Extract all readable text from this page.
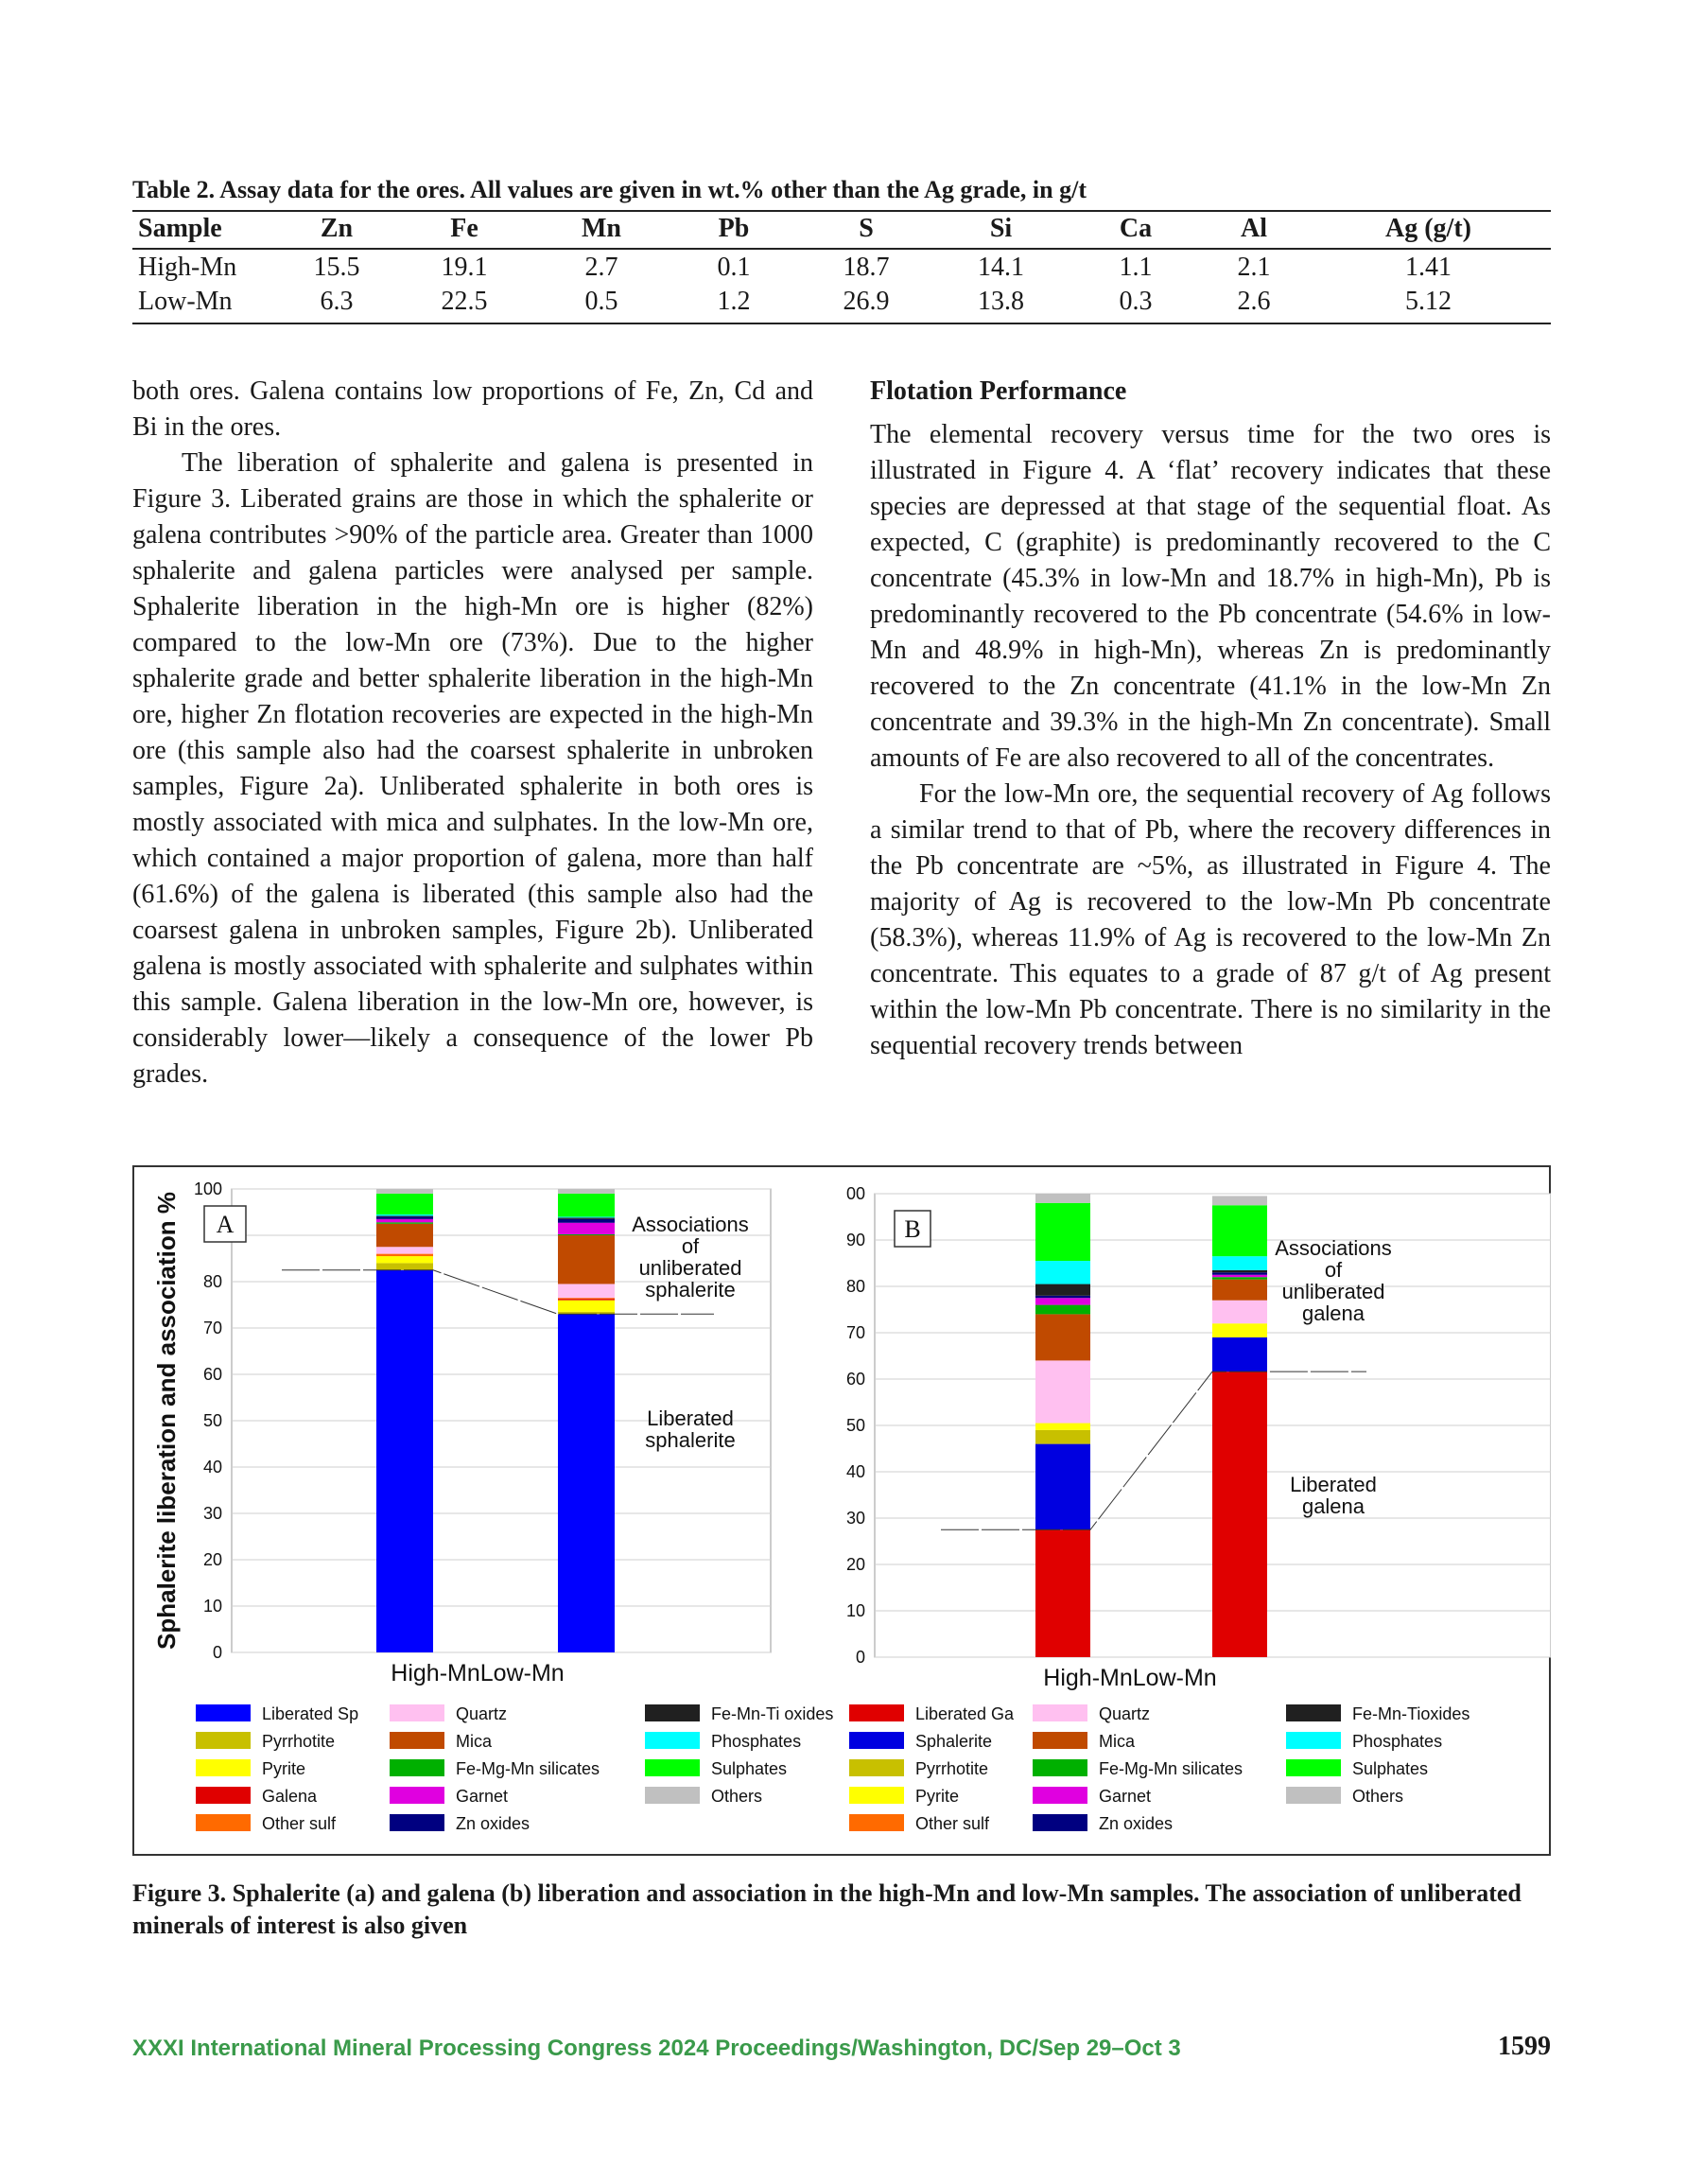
Table 2. Assay data for the ores. All values are given in wt.% other than the Ag grade, in g/t
Sample	Zn	Fe	Mn	Pb	S	Si	Ca	Al	Ag (g/t)
High-Mn	15.5	19.1	2.7	0.1	18.7	14.1	1.1	2.1	1.41
Low-Mn	6.3	22.5	0.5	1.2	26.9	13.8	0.3	2.6	5.12

both ores. Galena contains low proportions of Fe, Zn, Cd and Bi in the ores.

The liberation of sphalerite and galena is presented in Figure 3. Liberated grains are those in which the sphalerite or galena contributes >90% of the particle area. Greater than 1000 sphalerite and galena particles were analysed per sample. Sphalerite liberation in the high-Mn ore is higher (82%) compared to the low-Mn ore (73%). Due to the higher sphalerite grade and better sphalerite liberation in the high-Mn ore, higher Zn flotation recoveries are expected in the high-Mn ore (this sample also had the coarsest sphalerite in unbroken samples, Figure 2a). Unliberated sphalerite in both ores is mostly associated with mica and sulphates. In the low-Mn ore, which contained a major proportion of galena, more than half (61.6%) of the galena is liberated (this sample also had the coarsest galena in unbroken samples, Figure 2b). Unliberated galena is mostly associated with sphalerite and sulphates within this sample. Galena liberation in the low-Mn ore, however, is considerably lower—likely a consequence of the lower Pb grades.

Flotation Performance

The elemental recovery versus time for the two ores is illustrated in Figure 4. A ‘flat’ recovery indicates that these species are depressed at that stage of the sequential float. As expected, C (graphite) is predominantly recovered to the C concentrate (45.3% in low-Mn and 18.7% in high-Mn), Pb is predominantly recovered to the Pb concentrate (54.6% in low-Mn and 48.9% in high-Mn), whereas Zn is predominantly recovered to the Zn concentrate (41.1% in the low-Mn Zn concentrate and 39.3% in the high-Mn Zn concentrate). Small amounts of Fe are also recovered to all of the concentrates.

For the low-Mn ore, the sequential recovery of Ag follows a similar trend to that of Pb, where the recovery differences in the Pb concentrate are ~5%, as illustrated in Figure 4. The majority of Ag is recovered to the low-Mn Pb concentrate (58.3%), whereas 11.9% of Ag is recovered to the low-Mn Zn concentrate. This equates to a grade of 87 g/t of Ag present within the low-Mn Pb concentrate. There is no similarity in the sequential recovery trends between

0
10
20
30
40
50
60
70
80
100
Sphalerite liberation and association % A	Associations of unliberated sphalerite
Liberated sphalerite
High-MnLow-Mn
Liberated Sp
Pyrrhotite
Pyrite
Galena
Other sulf
Quartz
Mica
Fe-Mg-Mn silicates
Garnet
Zn oxides
Fe-Mn-Ti oxides
Phosphates
Sulphates
Others
0
10
20
30
40
50
60
70
80
90
00
B
Associations of unliberated galena
Liberated galena
High-MnLow-Mn
Liberated Ga
Sphalerite
Pyrrhotite
Pyrite
Other sulf
Quartz
Mica
Fe-Mg-Mn silicates
Garnet
Zn oxides
Fe-Mn-Tioxides
Phosphates
Sulphates
Others
Figure 3. Sphalerite (a) and galena (b) liberation and association in the high-Mn and low-Mn samples. The association of unliberated minerals of interest is also given
XXXI International Mineral Processing Congress 2024 Proceedings/Washington, DC/Sep 29–Oct 3	1599
